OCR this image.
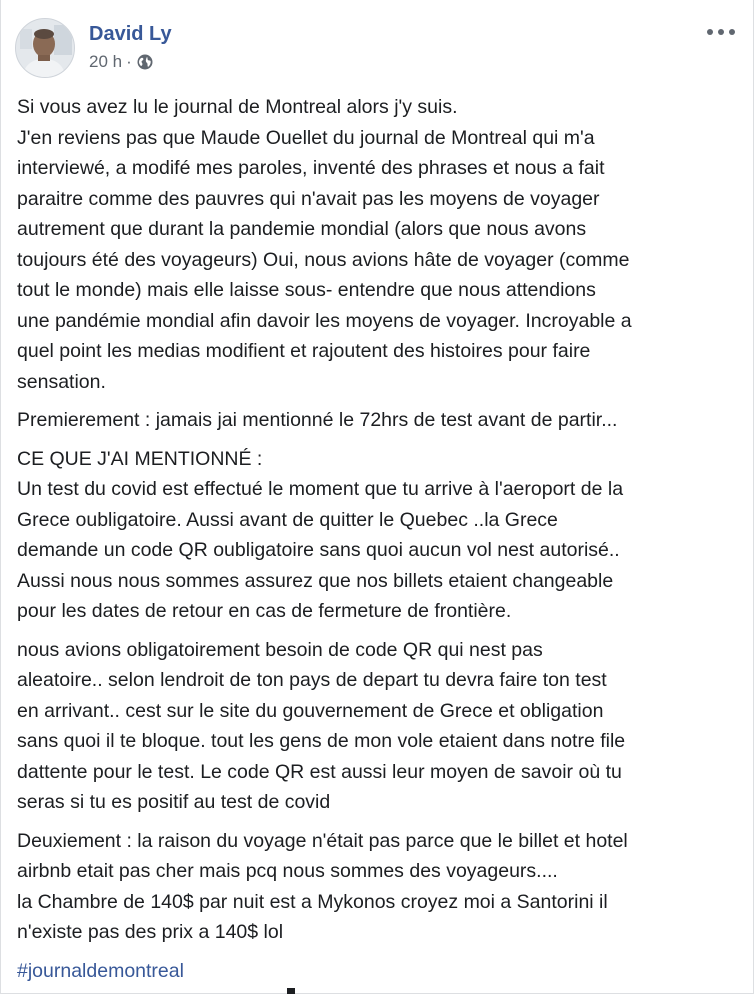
David Ly
20 h ·
Si vous avez lu le journal de Montreal alors j'y suis.
J'en reviens pas que Maude Ouellet du journal de Montreal qui m'a
interviewé, a modifé mes paroles, inventé des phrases et nous a fait
paraitre comme des pauvres qui n'avait pas les moyens de voyager
autrement que durant la pandemie mondial (alors que nous avons
toujours été des voyageurs) Oui, nous avions hâte de voyager (comme
tout le monde) mais elle laisse sous- entendre que nous attendions
une pandémie mondial afin davoir les moyens de voyager. Incroyable a
quel point les medias modifient et rajoutent des histoires pour faire
sensation.
Premierement : jamais jai mentionné le 72hrs de test avant de partir...
CE QUE J'AI MENTIONNÉ :
Un test du covid est effectué le moment que tu arrive à l'aeroport de la
Grece oubligatoire. Aussi avant de quitter le Quebec ..la Grece
demande un code QR oubligatoire sans quoi aucun vol nest autorisé..
Aussi nous nous sommes assurez que nos billets etaient changeable
pour les dates de retour en cas de fermeture de frontière.
nous avions obligatoirement besoin de code QR qui nest pas
aleatoire.. selon lendroit de ton pays de depart tu devra faire ton test
en arrivant.. cest sur le site du gouvernement de Grece et obligation
sans quoi il te bloque. tout les gens de mon vole etaient dans notre file
dattente pour le test. Le code QR est aussi leur moyen de savoir où tu
seras si tu es positif au test de covid
Deuxiement : la raison du voyage n'était pas parce que le billet et hotel
airbnb etait pas cher mais pcq nous sommes des voyageurs....
la Chambre de 140$ par nuit est a Mykonos croyez moi a Santorini il
n'existe pas des prix a 140$ lol
#journaldemontreal
